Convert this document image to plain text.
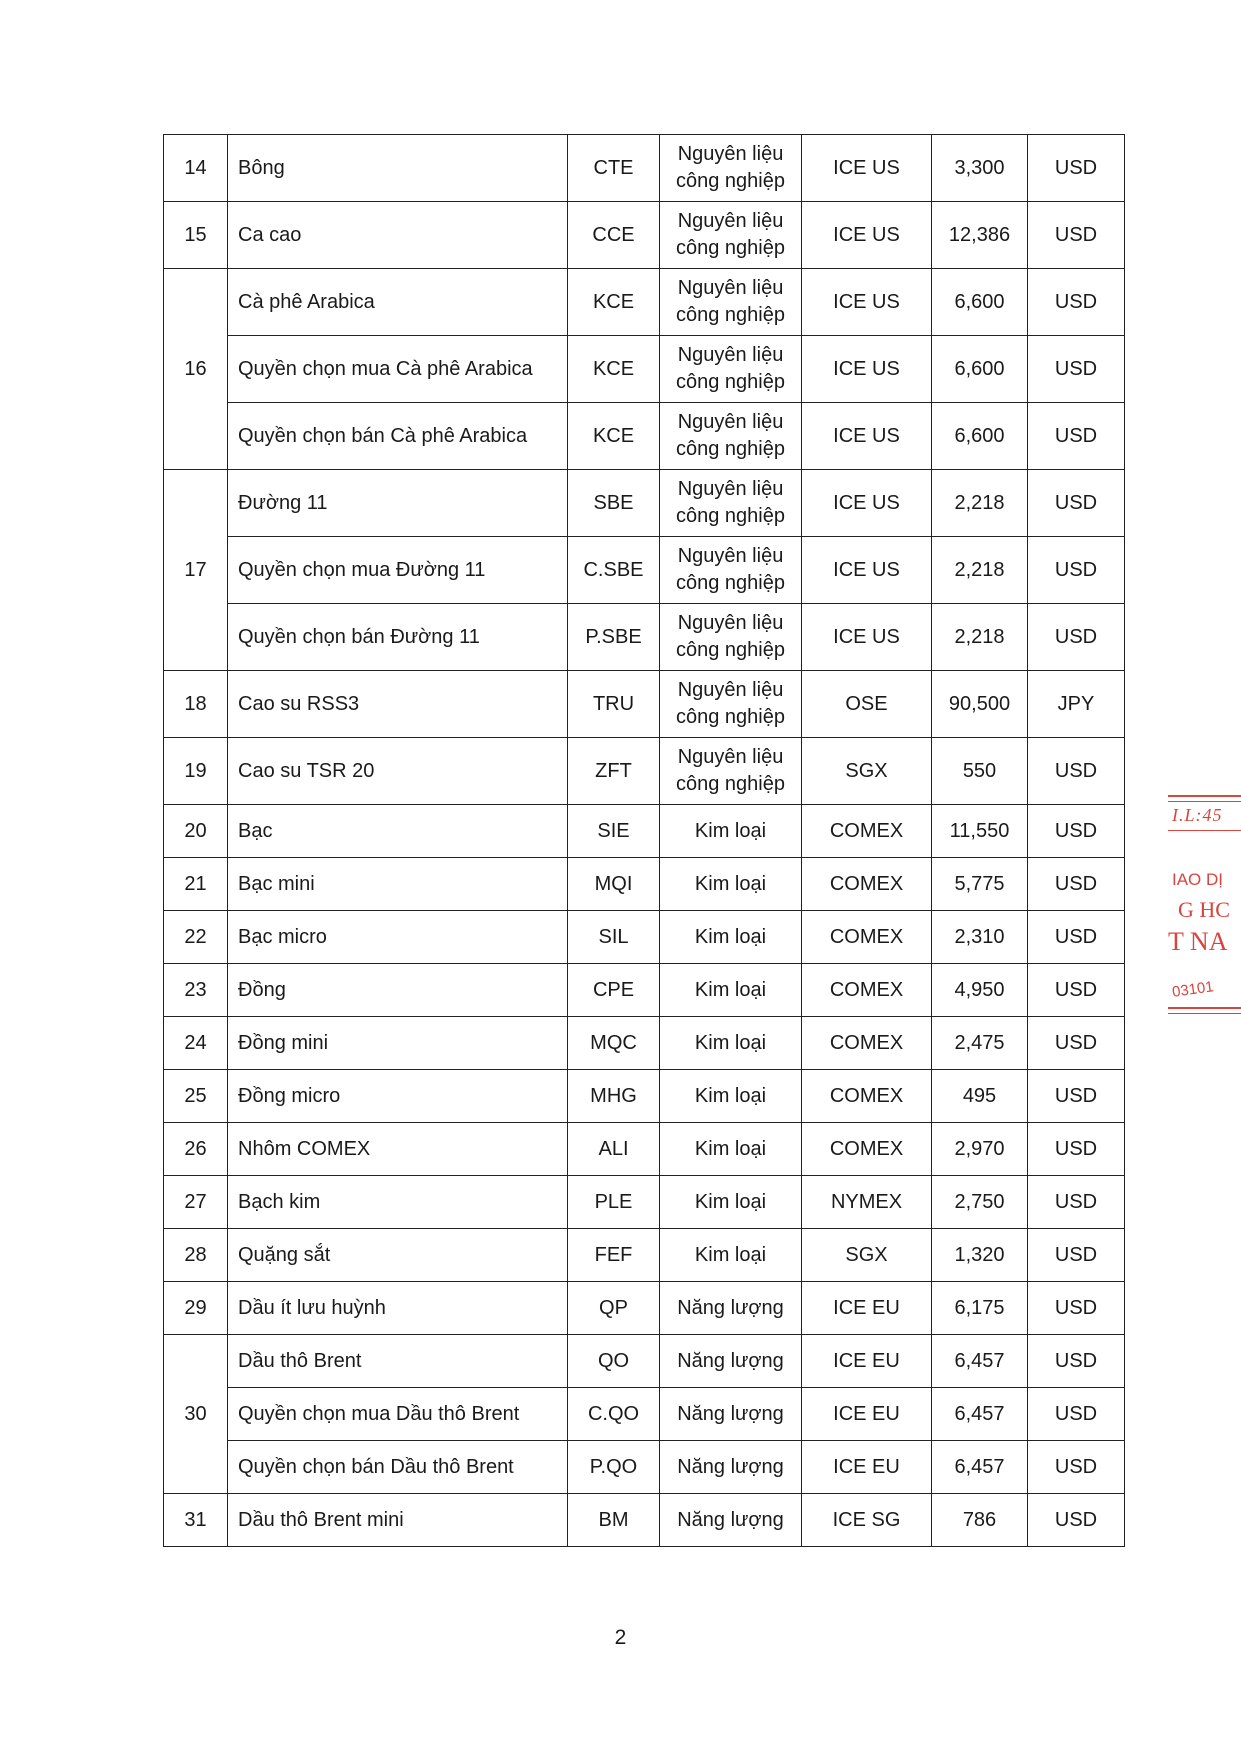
14	Bông	CTE	Nguyên liệu
công nghiệp	ICE US	3,300	USD
15	Ca cao	CCE	Nguyên liệu
công nghiệp	ICE US	12,386	USD
16	Cà phê Arabica	KCE	Nguyên liệu
công nghiệp	ICE US	6,600	USD
	Quyền chọn mua Cà phê Arabica	KCE	Nguyên liệu
công nghiệp	ICE US	6,600	USD
	Quyền chọn bán Cà phê Arabica	KCE	Nguyên liệu
công nghiệp	ICE US	6,600	USD
17	Đường 11	SBE	Nguyên liệu
công nghiệp	ICE US	2,218	USD
	Quyền chọn mua Đường 11	C.SBE	Nguyên liệu
công nghiệp	ICE US	2,218	USD
	Quyền chọn bán Đường 11	P.SBE	Nguyên liệu
công nghiệp	ICE US	2,218	USD
18	Cao su RSS3	TRU	Nguyên liệu
công nghiệp	OSE	90,500	JPY
19	Cao su TSR 20	ZFT	Nguyên liệu
công nghiệp	SGX	550	USD
20	Bạc	SIE	Kim loại	COMEX	11,550	USD
21	Bạc mini	MQI	Kim loại	COMEX	5,775	USD
22	Bạc micro	SIL	Kim loại	COMEX	2,310	USD
23	Đồng	CPE	Kim loại	COMEX	4,950	USD
24	Đồng mini	MQC	Kim loại	COMEX	2,475	USD
25	Đồng micro	MHG	Kim loại	COMEX	495	USD
26	Nhôm COMEX	ALI	Kim loại	COMEX	2,970	USD
27	Bạch kim	PLE	Kim loại	NYMEX	2,750	USD
28	Quặng sắt	FEF	Kim loại	SGX	1,320	USD
29	Dầu ít lưu huỳnh	QP	Năng lượng	ICE EU	6,175	USD
30	Dầu thô Brent	QO	Năng lượng	ICE EU	6,457	USD
	Quyền chọn mua Dầu thô Brent	C.QO	Năng lượng	ICE EU	6,457	USD
	Quyền chọn bán Dầu thô Brent	P.QO	Năng lượng	ICE EU	6,457	USD
31	Dầu thô Brent mini	BM	Năng lượng	ICE SG	786	USD
2
I.L:45
IAO DỊ
G HC
T NA
03101
